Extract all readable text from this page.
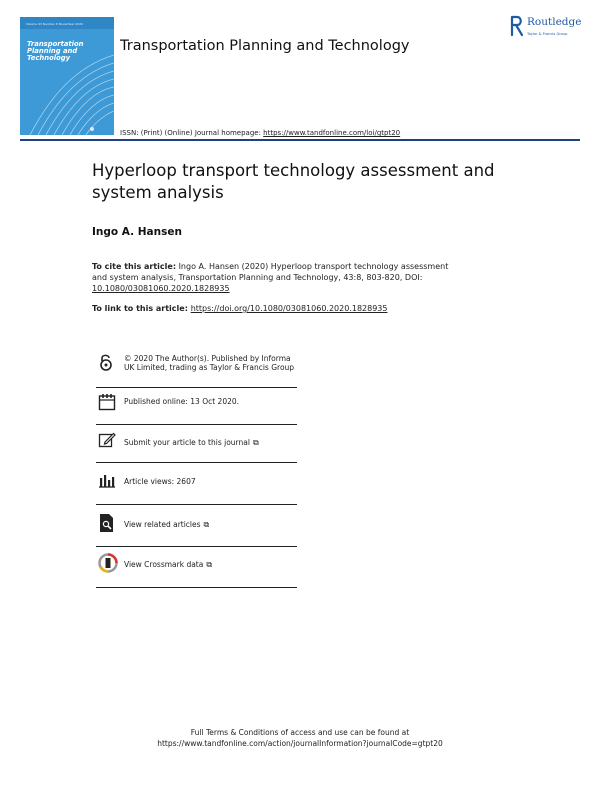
Volume 43 Number 8 November 2020
Transportation Planning and Technology
Transportation Planning and Technology
Routledge
Taylor & Francis Group
ISSN: (Print) (Online) Journal homepage: https://www.tandfonline.com/loi/gtpt20
Hyperloop transport technology assessment and system analysis
Ingo A. Hansen
To cite this article: Ingo A. Hansen (2020) Hyperloop transport technology assessment and system analysis, Transportation Planning and Technology, 43:8, 803-820, DOI: 10.1080/03081060.2020.1828935
To link to this article: https://doi.org/10.1080/03081060.2020.1828935
© 2020 The Author(s). Published by Informa UK Limited, trading as Taylor & Francis Group
Published online: 13 Oct 2020.
Submit your article to this journal ⧉
Article views: 2607
View related articles ⧉
View Crossmark data ⧉
Full Terms & Conditions of access and use can be found at
https://www.tandfonline.com/action/journalInformation?journalCode=gtpt20
